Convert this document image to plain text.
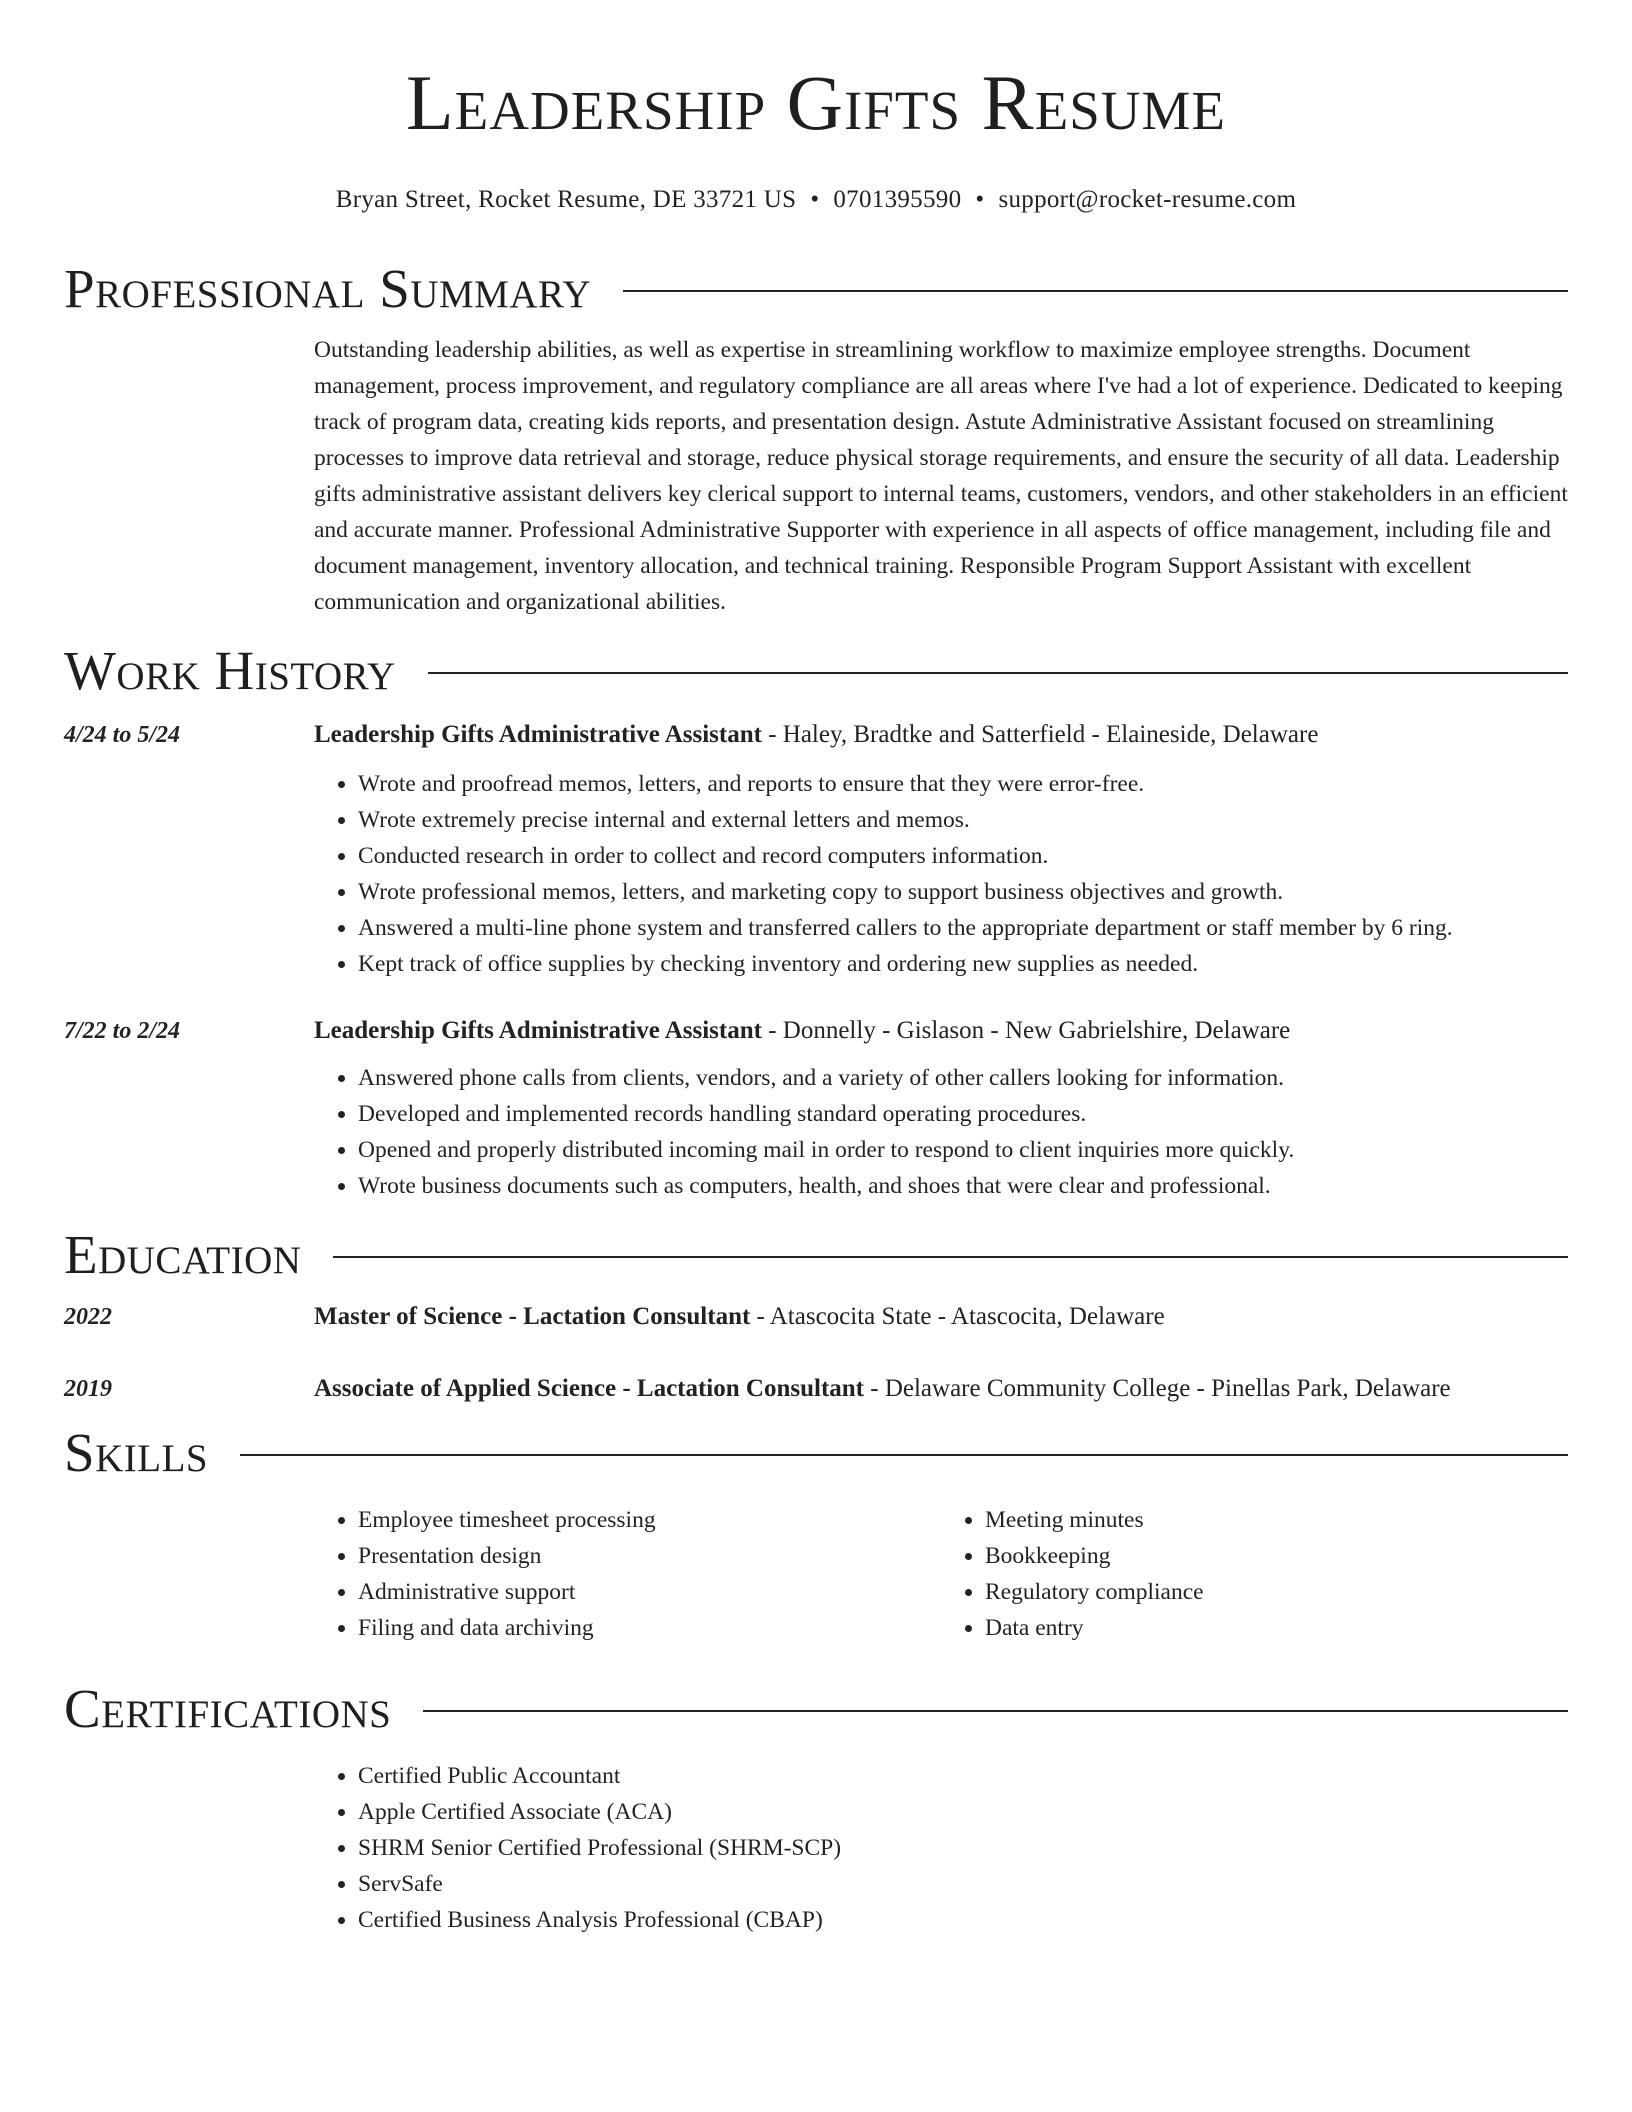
Leadership Gifts Resume
Bryan Street, Rocket Resume, DE 33721 US • 0701395590 • support@rocket-resume.com
Professional Summary

Outstanding leadership abilities, as well as expertise in streamlining workflow to maximize employee strengths. Document management, process improvement, and regulatory compliance are all areas where I've had a lot of experience. Dedicated to keeping track of program data, creating kids reports, and presentation design. Astute Administrative Assistant focused on streamlining processes to improve data retrieval and storage, reduce physical storage requirements, and ensure the security of all data. Leadership gifts administrative assistant delivers key clerical support to internal teams, customers, vendors, and other stakeholders in an efficient and accurate manner. Professional Administrative Supporter with experience in all aspects of office management, including file and document management, inventory allocation, and technical training. Responsible Program Support Assistant with excellent communication and organizational abilities.

Work History
4/24 to 5/24	Leadership Gifts Administrative Assistant - Haley, Bradtke and Satterfield - Elaineside, Delaware
• Wrote and proofread memos, letters, and reports to ensure that they were error-free.
• Wrote extremely precise internal and external letters and memos.
• Conducted research in order to collect and record computers information.
• Wrote professional memos, letters, and marketing copy to support business objectives and growth.
• Answered a multi-line phone system and transferred callers to the appropriate department or staff member by 6 ring.
• Kept track of office supplies by checking inventory and ordering new supplies as needed.
7/22 to 2/24	Leadership Gifts Administrative Assistant - Donnelly - Gislason - New Gabrielshire, Delaware
• Answered phone calls from clients, vendors, and a variety of other callers looking for information.
• Developed and implemented records handling standard operating procedures.
• Opened and properly distributed incoming mail in order to respond to client inquiries more quickly.
• Wrote business documents such as computers, health, and shoes that were clear and professional.
Education
2022	Master of Science - Lactation Consultant - Atascocita State - Atascocita, Delaware
2019	Associate of Applied Science - Lactation Consultant - Delaware Community College - Pinellas Park, Delaware
Skills
• Employee timesheet processing
• Presentation design
• Administrative support
• Filing and data archiving
• Meeting minutes
• Bookkeeping
• Regulatory compliance
• Data entry
Certifications
• Certified Public Accountant
• Apple Certified Associate (ACA)
• SHRM Senior Certified Professional (SHRM-SCP)
• ServSafe
• Certified Business Analysis Professional (CBAP)
